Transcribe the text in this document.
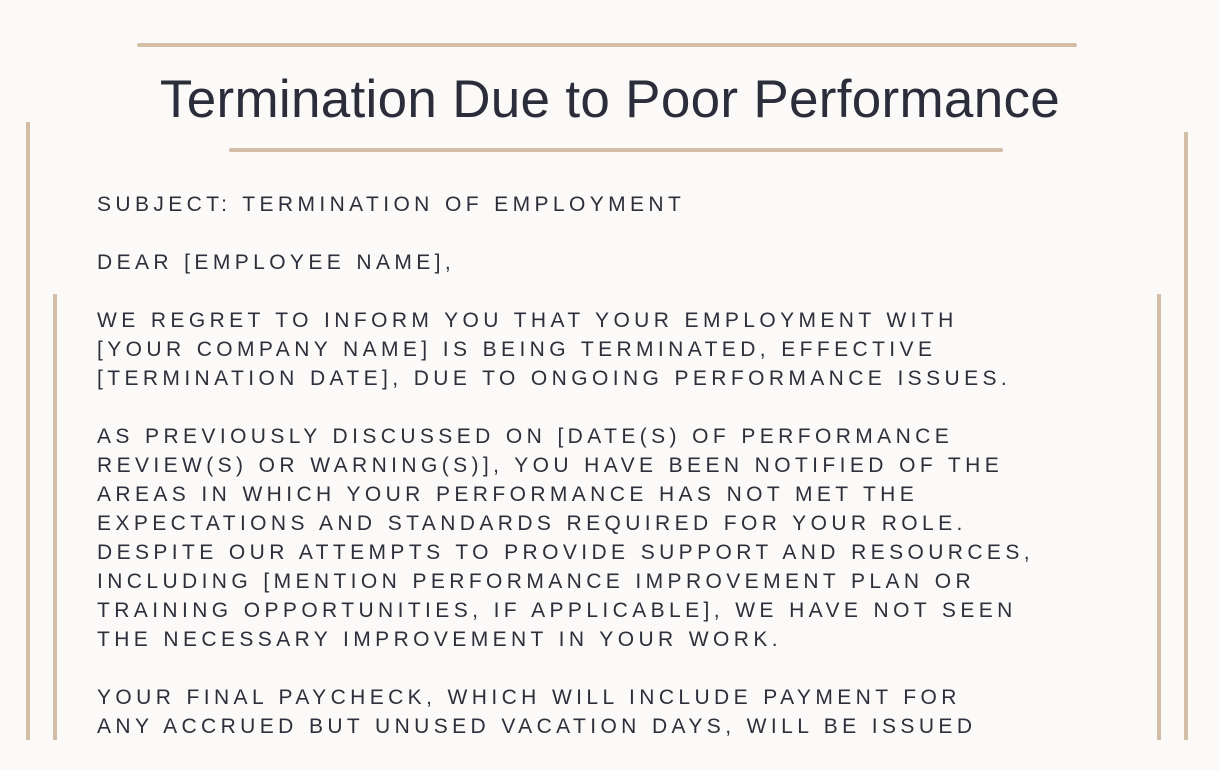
Termination Due to Poor Performance

SUBJECT: TERMINATION OF EMPLOYMENT

DEAR [EMPLOYEE NAME],

WE REGRET TO INFORM YOU THAT YOUR EMPLOYMENT WITH
[YOUR COMPANY NAME] IS BEING TERMINATED, EFFECTIVE
[TERMINATION DATE], DUE TO ONGOING PERFORMANCE ISSUES.

AS PREVIOUSLY DISCUSSED ON [DATE(S) OF PERFORMANCE
REVIEW(S) OR WARNING(S)], YOU HAVE BEEN NOTIFIED OF THE
AREAS IN WHICH YOUR PERFORMANCE HAS NOT MET THE
EXPECTATIONS AND STANDARDS REQUIRED FOR YOUR ROLE.
DESPITE OUR ATTEMPTS TO PROVIDE SUPPORT AND RESOURCES,
INCLUDING [MENTION PERFORMANCE IMPROVEMENT PLAN OR
TRAINING OPPORTUNITIES, IF APPLICABLE], WE HAVE NOT SEEN
THE NECESSARY IMPROVEMENT IN YOUR WORK.

YOUR FINAL PAYCHECK, WHICH WILL INCLUDE PAYMENT FOR
ANY ACCRUED BUT UNUSED VACATION DAYS, WILL BE ISSUED
